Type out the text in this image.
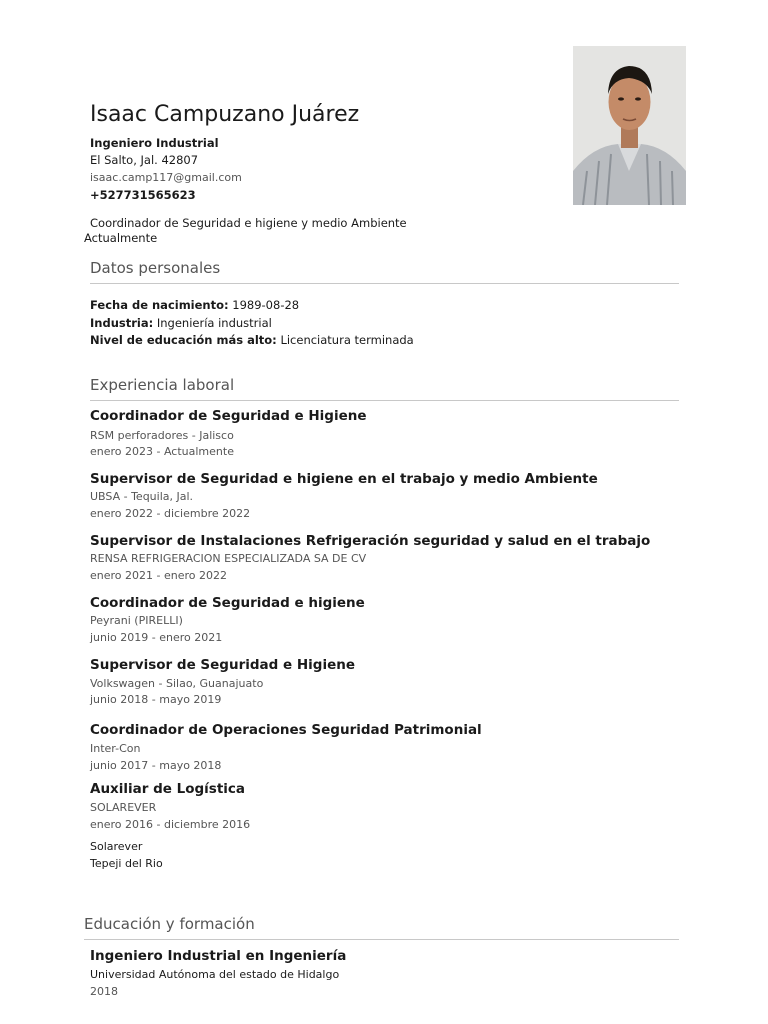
Isaac Campuzano Juárez
Ingeniero Industrial
El Salto, Jal. 42807
isaac.camp117@gmail.com
+527731565623
Coordinador de Seguridad e higiene y medio Ambiente
Actualmente
Datos personales
Fecha de nacimiento: 1989-08-28
Industria: Ingeniería industrial
Nivel de educación más alto: Licenciatura terminada
Experiencia laboral
Coordinador de Seguridad e Higiene
RSM perforadores - Jalisco
enero 2023 - Actualmente
Supervisor de Seguridad e higiene en el trabajo y medio Ambiente
UBSA - Tequila, Jal.
enero 2022 - diciembre 2022
Supervisor de Instalaciones Refrigeración seguridad y salud en el trabajo
RENSA REFRIGERACION ESPECIALIZADA SA DE CV
enero 2021 - enero 2022
Coordinador de Seguridad e higiene
Peyrani (PIRELLI)
junio 2019 - enero 2021
Supervisor de Seguridad e Higiene
Volkswagen - Silao, Guanajuato
junio 2018 - mayo 2019
Coordinador de Operaciones Seguridad Patrimonial
Inter-Con
junio 2017 - mayo 2018
Auxiliar de Logística
SOLAREVER
enero 2016 - diciembre 2016
Solarever
Tepeji del Rio
Educación y formación
Ingeniero Industrial en Ingeniería
Universidad Autónoma del estado de Hidalgo
2018
